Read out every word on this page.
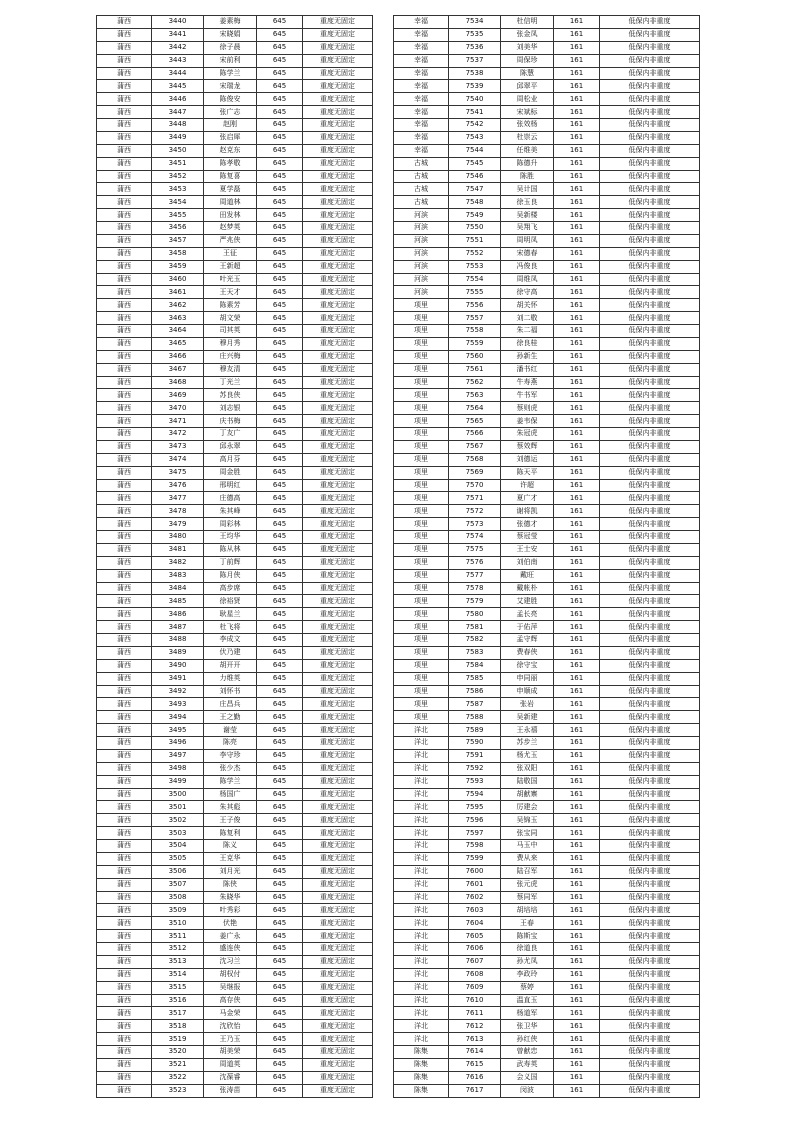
蒲西	3440	姜素梅	645	重度无固定
蒲西	3441	宋晓娟	645	重度无固定
蒲西	3442	徐子晨	645	重度无固定
蒲西	3443	宋前利	645	重度无固定
蒲西	3444	陈学兰	645	重度无固定
蒲西	3445	宋瑞龙	645	重度无固定
蒲西	3446	陈俊安	645	重度无固定
蒲西	3447	张广志	645	重度无固定
蒲西	3448	赵刚	645	重度无固定
蒲西	3449	张启犀	645	重度无固定
蒲西	3450	赵克东	645	重度无固定
蒲西	3451	陈孝敬	645	重度无固定
蒲西	3452	陈复喜	645	重度无固定
蒲西	3453	夏学磊	645	重度无固定
蒲西	3454	周道林	645	重度无固定
蒲西	3455	田发林	645	重度无固定
蒲西	3456	赵梦英	645	重度无固定
蒲西	3457	严兆侠	645	重度无固定
蒲西	3458	王征	645	重度无固定
蒲西	3459	王新超	645	重度无固定
蒲西	3460	叶光玉	645	重度无固定
蒲西	3461	王天才	645	重度无固定
蒲西	3462	陈素芳	645	重度无固定
蒲西	3463	胡文荣	645	重度无固定
蒲西	3464	司其英	645	重度无固定
蒲西	3465	穆月秀	645	重度无固定
蒲西	3466	庄兴梅	645	重度无固定
蒲西	3467	穆友清	645	重度无固定
蒲西	3468	丁光兰	645	重度无固定
蒲西	3469	苏良侠	645	重度无固定
蒲西	3470	刘志银	645	重度无固定
蒲西	3471	庆书梅	645	重度无固定
蒲西	3472	丁友广	645	重度无固定
蒲西	3473	邱永翠	645	重度无固定
蒲西	3474	高月芬	645	重度无固定
蒲西	3475	周金胜	645	重度无固定
蒲西	3476	邢明红	645	重度无固定
蒲西	3477	庄德高	645	重度无固定
蒲西	3478	朱其峰	645	重度无固定
蒲西	3479	周彩林	645	重度无固定
蒲西	3480	王均华	645	重度无固定
蒲西	3481	陈从林	645	重度无固定
蒲西	3482	丁前辉	645	重度无固定
蒲西	3483	陈月侠	645	重度无固定
蒲西	3484	高步席	645	重度无固定
蒲西	3485	徐裕贤	645	重度无固定
蒲西	3486	耿星兰	645	重度无固定
蒲西	3487	杜飞将	645	重度无固定
蒲西	3488	李成文	645	重度无固定
蒲西	3489	伏乃建	645	重度无固定
蒲西	3490	胡开开	645	重度无固定
蒲西	3491	力维英	645	重度无固定
蒲西	3492	刘怀书	645	重度无固定
蒲西	3493	庄昌兵	645	重度无固定
蒲西	3494	王之勤	645	重度无固定
蒲西	3495	谢莹	645	重度无固定
蒲西	3496	陈亮	645	重度无固定
蒲西	3497	李守珍	645	重度无固定
蒲西	3498	张少杰	645	重度无固定
蒲西	3499	陈学兰	645	重度无固定
蒲西	3500	杨国广	645	重度无固定
蒲西	3501	朱其彪	645	重度无固定
蒲西	3502	王子俊	645	重度无固定
蒲西	3503	陈复利	645	重度无固定
蒲西	3504	陈义	645	重度无固定
蒲西	3505	王克华	645	重度无固定
蒲西	3506	刘月光	645	重度无固定
蒲西	3507	陈侠	645	重度无固定
蒲西	3508	朱晓华	645	重度无固定
蒲西	3509	叶秀彩	645	重度无固定
蒲西	3510	伏艳	645	重度无固定
蒲西	3511	姜广永	645	重度无固定
蒲西	3512	盛连侠	645	重度无固定
蒲西	3513	沈习兰	645	重度无固定
蒲西	3514	胡权付	645	重度无固定
蒲西	3515	吴继报	645	重度无固定
蒲西	3516	高存侠	645	重度无固定
蒲西	3517	马金荣	645	重度无固定
蒲西	3518	沈欣怡	645	重度无固定
蒲西	3519	王乃玉	645	重度无固定
蒲西	3520	胡美荣	645	重度无固定
蒲西	3521	周道英	645	重度无固定
蒲西	3522	沈葆睿	645	重度无固定
蒲西	3523	张涛苗	645	重度无固定
幸福	7534	杜信明	161	低保内非重度
幸福	7535	张金凤	161	低保内非重度
幸福	7536	刘美华	161	低保内非重度
幸福	7537	周保珍	161	低保内非重度
幸福	7538	陈慧	161	低保内非重度
幸福	7539	邱翠平	161	低保内非重度
幸福	7540	周松业	161	低保内非重度
幸福	7541	宋斌标	161	低保内非重度
幸福	7542	张效杨	161	低保内非重度
幸福	7543	杜崇云	161	低保内非重度
幸福	7544	任维美	161	低保内非重度
古城	7545	陈德升	161	低保内非重度
古城	7546	陈胜	161	低保内非重度
古城	7547	吴计国	161	低保内非重度
古城	7548	徐玉良	161	低保内非重度
河滨	7549	吴新楼	161	低保内非重度
河滨	7550	吴翔飞	161	低保内非重度
河滨	7551	周明凤	161	低保内非重度
河滨	7552	宋德春	161	低保内非重度
河滨	7553	冯俊良	161	低保内非重度
河滨	7554	周维凤	161	低保内非重度
河滨	7555	徐守高	161	低保内非重度
项里	7556	胡关怀	161	低保内非重度
项里	7557	刘二敬	161	低保内非重度
项里	7558	朱二福	161	低保内非重度
项里	7559	徐良桂	161	低保内非重度
项里	7560	孙新生	161	低保内非重度
项里	7561	潘书红	161	低保内非重度
项里	7562	牛寿燕	161	低保内非重度
项里	7563	牛书军	161	低保内非重度
项里	7564	蔡则虎	161	低保内非重度
项里	7565	姜韦保	161	低保内非重度
项里	7566	朱冠虎	161	低保内非重度
项里	7567	蔡效辉	161	低保内非重度
项里	7568	刘德运	161	低保内非重度
项里	7569	陈天平	161	低保内非重度
项里	7570	许超	161	低保内非重度
项里	7571	夏广才	161	低保内非重度
项里	7572	谢将凯	161	低保内非重度
项里	7573	张德才	161	低保内非重度
项里	7574	蔡冠莹	161	低保内非重度
项里	7575	王士安	161	低保内非重度
项里	7576	刘伯南	161	低保内非重度
项里	7577	戴旺	161	低保内非重度
项里	7578	戴帐朴	161	低保内非重度
项里	7579	艾建胜	161	低保内非重度
项里	7580	孟长亮	161	低保内非重度
项里	7581	于佑萍	161	低保内非重度
项里	7582	孟守辉	161	低保内非重度
项里	7583	费春侠	161	低保内非重度
项里	7584	徐守宝	161	低保内非重度
项里	7585	申同丽	161	低保内非重度
项里	7586	申顺成	161	低保内非重度
项里	7587	张岩	161	低保内非重度
项里	7588	吴新建	161	低保内非重度
洋北	7589	王永禧	161	低保内非重度
洋北	7590	苏步兰	161	低保内非重度
洋北	7591	杨尤玉	161	低保内非重度
洋北	7592	张双阳	161	低保内非重度
洋北	7593	陆敬国	161	低保内非重度
洋北	7594	胡献寨	161	低保内非重度
洋北	7595	厉建会	161	低保内非重度
洋北	7596	吴锦玉	161	低保内非重度
洋北	7597	张宝同	161	低保内非重度
洋北	7598	马玉中	161	低保内非重度
洋北	7599	费从来	161	低保内非重度
洋北	7600	陆召军	161	低保内非重度
洋北	7601	张元虎	161	低保内非重度
洋北	7602	蔡同军	161	低保内非重度
洋北	7603	胡培培	161	低保内非重度
洋北	7604	王春	161	低保内非重度
洋北	7605	陈斯宝	161	低保内非重度
洋北	7606	徐道良	161	低保内非重度
洋北	7607	孙尤凤	161	低保内非重度
洋北	7608	李政玲	161	低保内非重度
洋北	7609	蔡婷	161	低保内非重度
洋北	7610	温直玉	161	低保内非重度
洋北	7611	杨道军	161	低保内非重度
洋北	7612	张卫华	161	低保内非重度
洋北	7613	孙红侠	161	低保内非重度
陈集	7614	曾献忠	161	低保内非重度
陈集	7615	武寿英	161	低保内非重度
陈集	7616	会义国	161	低保内非重度
陈集	7617	闵波	161	低保内非重度
